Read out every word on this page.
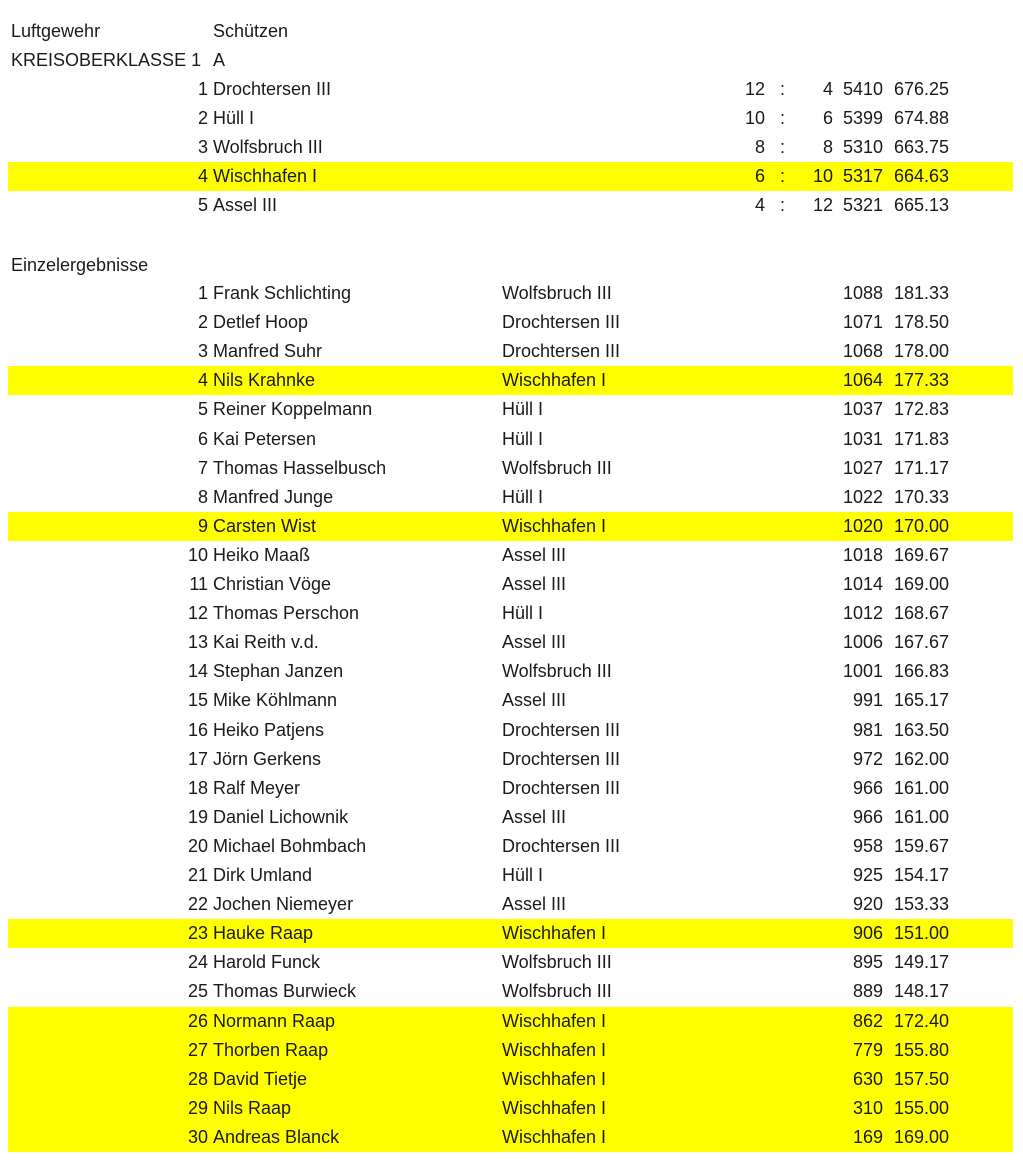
Luftgewehr	Schützen
KREISOBERKLASSE 1 A
1 Drochtersen III	12 : 4 5410 676.25
2 Hüll I	10 : 6 5399 674.88
3 Wolfsbruch III	8 : 8 5310 663.75
4 Wischhafen I	6 : 10 5317 664.63
5 Assel III	4 : 12 5321 665.13
Einzelergebnisse
1 Frank Schlichting	Wolfsbruch III	1088 181.33
2 Detlef Hoop	Drochtersen III	1071 178.50
3 Manfred Suhr	Drochtersen III	1068 178.00
4 Nils Krahnke	Wischhafen I	1064 177.33
5 Reiner Koppelmann	Hüll I	1037 172.83
6 Kai Petersen	Hüll I	1031 171.83
7 Thomas Hasselbusch	Wolfsbruch III	1027 171.17
8 Manfred Junge	Hüll I	1022 170.33
9 Carsten Wist	Wischhafen I	1020 170.00
10 Heiko Maaß	Assel III	1018 169.67
11 Christian Vöge	Assel III	1014 169.00
12 Thomas Perschon	Hüll I	1012 168.67
13 Kai Reith v.d.	Assel III	1006 167.67
14 Stephan Janzen	Wolfsbruch III	1001 166.83
15 Mike Köhlmann	Assel III	991 165.17
16 Heiko Patjens	Drochtersen III	981 163.50
17 Jörn Gerkens	Drochtersen III	972 162.00
18 Ralf Meyer	Drochtersen III	966 161.00
19 Daniel Lichownik	Assel III	966 161.00
20 Michael Bohmbach	Drochtersen III	958 159.67
21 Dirk Umland	Hüll I	925 154.17
22 Jochen Niemeyer	Assel III	920 153.33
23 Hauke Raap	Wischhafen I	906 151.00
24 Harold Funck	Wolfsbruch III	895 149.17
25 Thomas Burwieck	Wolfsbruch III	889 148.17
26 Normann Raap	Wischhafen I	862 172.40
27 Thorben Raap	Wischhafen I	779 155.80
28 David Tietje	Wischhafen I	630 157.50
29 Nils Raap	Wischhafen I	310 155.00
30 Andreas Blanck	Wischhafen I	169 169.00
